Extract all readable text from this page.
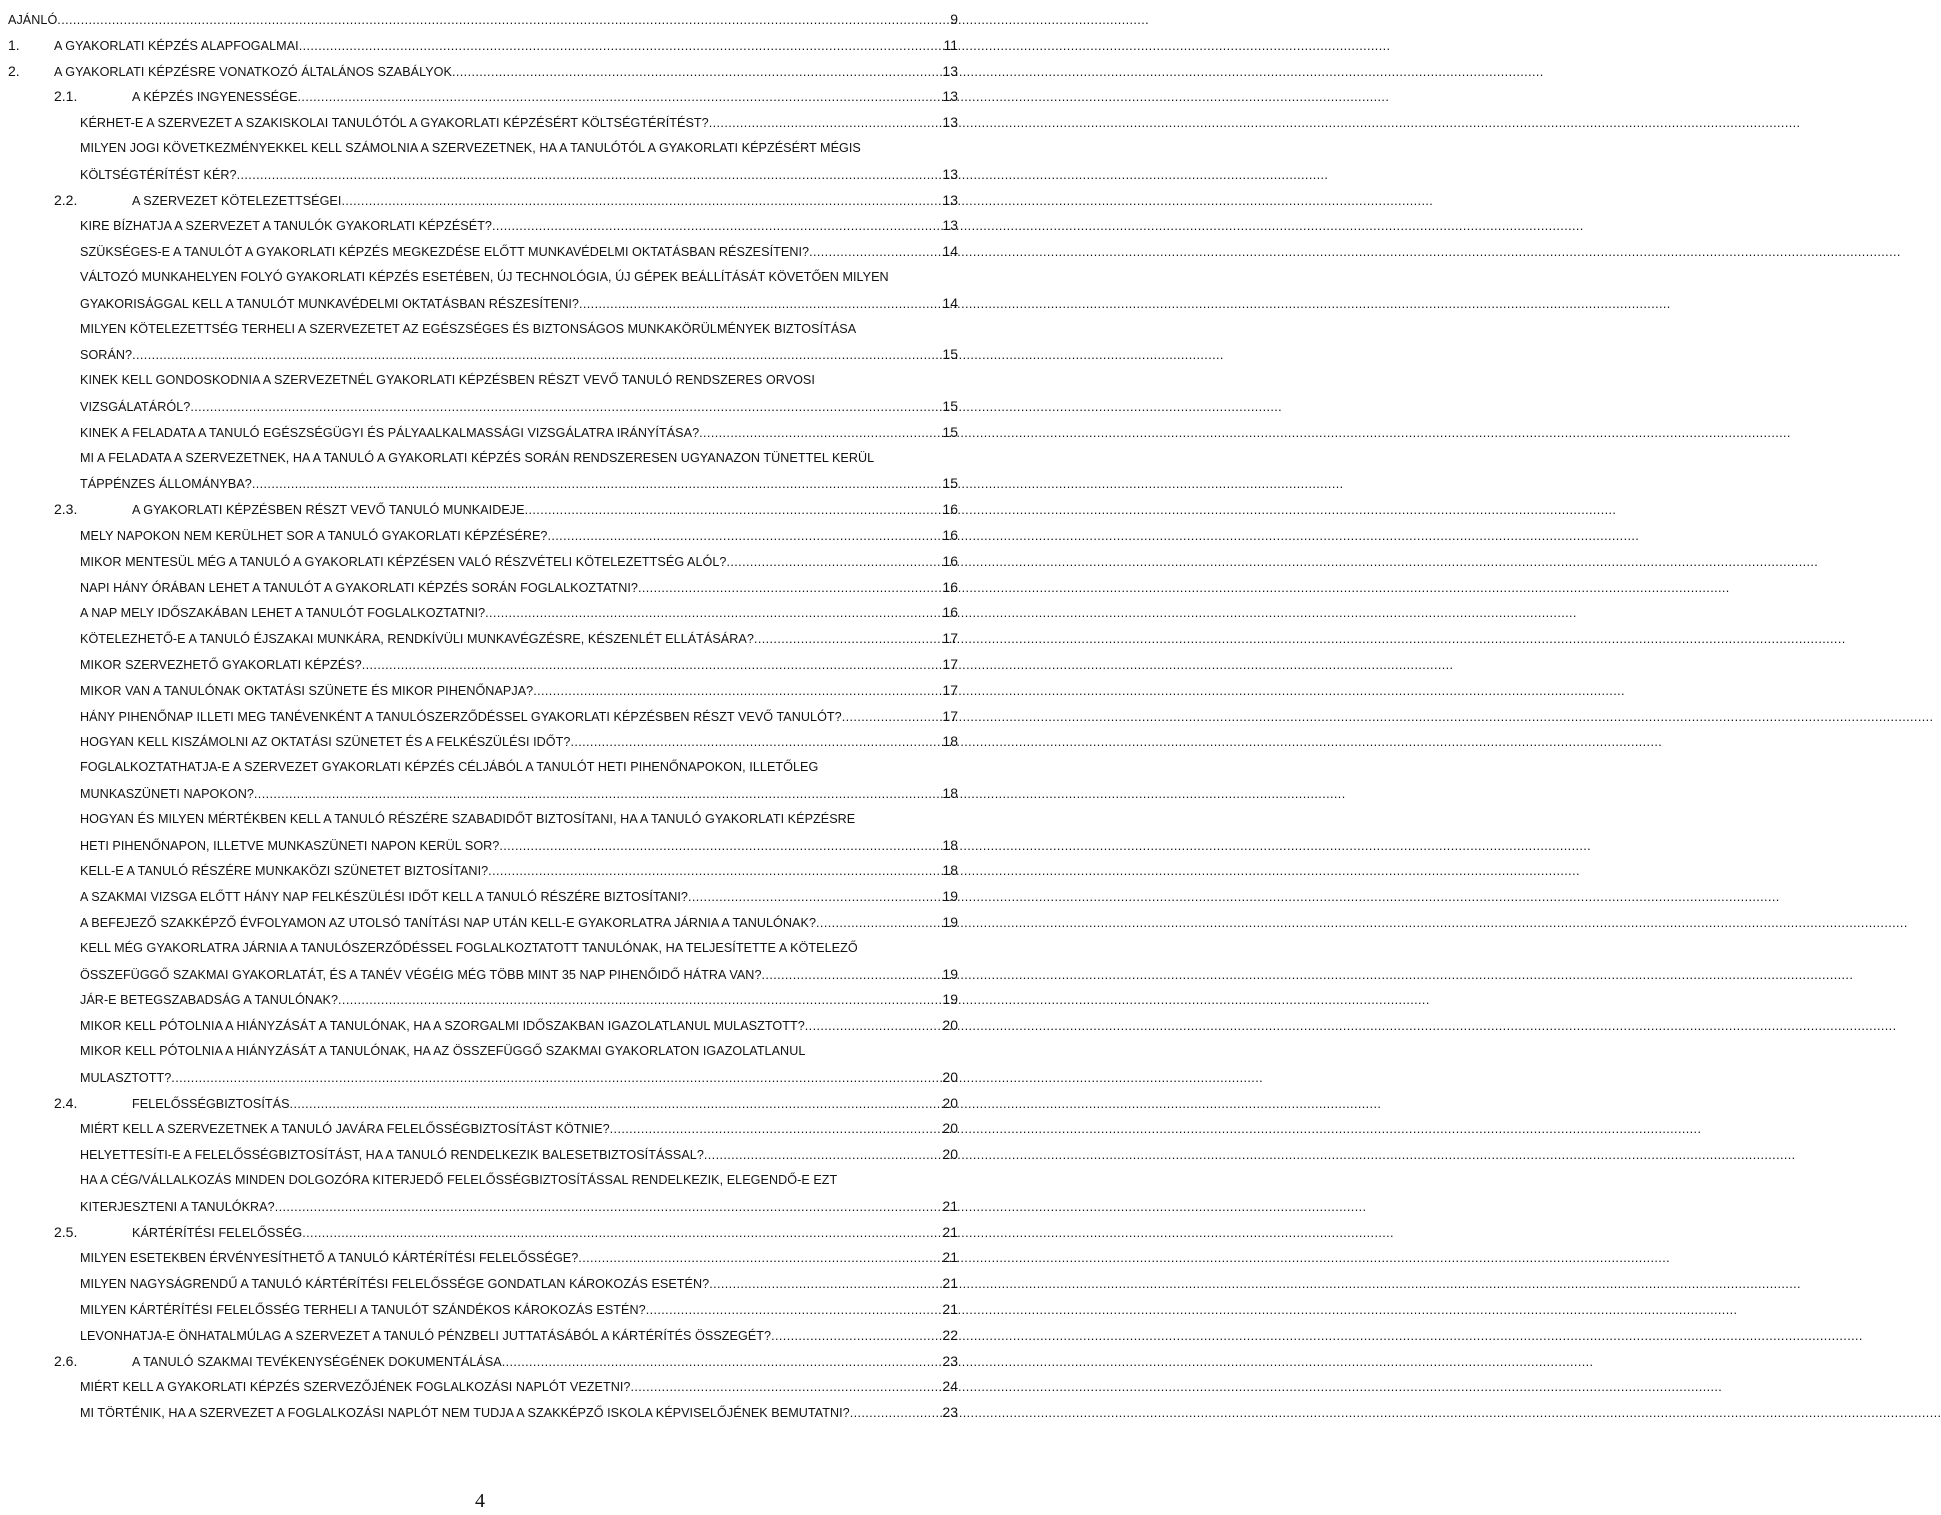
AJÁNLÓ .....	9
1.	A GYAKORLATI KÉPZÉS ALAPFOGALMAI .....	11
2.	A GYAKORLATI KÉPZÉSRE VONATKOZÓ ÁLTALÁNOS SZABÁLYOK .....	13
2.1.	A KÉPZÉS INGYENESSÉGE .....	13
KÉRHET-E A SZERVEZET A SZAKISKOLAI TANULÓTÓL A GYAKORLATI KÉPZÉSÉRT KÖLTSÉGTÉRÍTÉST? .....	13
MILYEN JOGI KÖVETKEZMÉNYEKKEL KELL SZÁMOLNIA A SZERVEZETNEK, HA A TANULÓTÓL A GYAKORLATI KÉPZÉSÉRT MÉGIS
KÖLTSÉGTÉRÍTÉST KÉR? .....	13
2.2.	A SZERVEZET KÖTELEZETTSÉGEI .....	13
KIRE BÍZHATJA A SZERVEZET A TANULÓK GYAKORLATI KÉPZÉSÉT? .....	13
SZÜKSÉGES-E A TANULÓT A GYAKORLATI KÉPZÉS MEGKEZDÉSE ELŐTT MUNKAVÉDELMI OKTATÁSBAN RÉSZESÍTENI? .....	14
VÁLTOZÓ MUNKAHELYEN FOLYÓ GYAKORLATI KÉPZÉS ESETÉBEN, ÚJ TECHNOLÓGIA, ÚJ GÉPEK BEÁLLÍTÁSÁT KÖVETŐEN MILYEN
GYAKORISÁGGAL KELL A TANULÓT MUNKAVÉDELMI OKTATÁSBAN RÉSZESÍTENI? .....	14
MILYEN KÖTELEZETTSÉG TERHELI A SZERVEZETET AZ EGÉSZSÉGES ÉS BIZTONSÁGOS MUNKAKÖRÜLMÉNYEK BIZTOSÍTÁSA
SORÁN? .....	15
KINEK KELL GONDOSKODNIA A SZERVEZETNÉL GYAKORLATI KÉPZÉSBEN RÉSZT VEVŐ TANULÓ RENDSZERES ORVOSI
VIZSGÁLATÁRÓL? .....	15
KINEK A FELADATA A TANULÓ EGÉSZSÉGÜGYI ÉS PÁLYAALKALMASSÁGI VIZSGÁLATRA IRÁNYÍTÁSA? .....	15
MI A FELADATA A SZERVEZETNEK, HA A TANULÓ A GYAKORLATI KÉPZÉS SORÁN RENDSZERESEN UGYANAZON TÜNETTEL KERÜL
TÁPPÉNZES ÁLLOMÁNYBA? .....	15
2.3.	A GYAKORLATI KÉPZÉSBEN RÉSZT VEVŐ TANULÓ MUNKAIDEJE .....	16
MELY NAPOKON NEM KERÜLHET SOR A TANULÓ GYAKORLATI KÉPZÉSÉRE? .....	16
MIKOR MENTESÜL MÉG A TANULÓ A GYAKORLATI KÉPZÉSEN VALÓ RÉSZVÉTELI KÖTELEZETTSÉG ALÓL? .....	16
NAPI HÁNY ÓRÁBAN LEHET A TANULÓT A GYAKORLATI KÉPZÉS SORÁN FOGLALKOZTATNI? .....	16
A NAP MELY IDŐSZAKÁBAN LEHET A TANULÓT FOGLALKOZTATNI? .....	16
KÖTELEZHETŐ-E A TANULÓ ÉJSZAKAI MUNKÁRA, RENDKÍVÜLI MUNKAVÉGZÉSRE, KÉSZENLÉT ELLÁTÁSÁRA? .....	17
MIKOR SZERVEZHETŐ GYAKORLATI KÉPZÉS? .....	17
MIKOR VAN A TANULÓNAK OKTATÁSI SZÜNETE ÉS MIKOR PIHENŐNAPJA? .....	17
HÁNY PIHENŐNAP ILLETI MEG TANÉVENKÉNT A TANULÓSZERZŐDÉSSEL GYAKORLATI KÉPZÉSBEN RÉSZT VEVŐ TANULÓT? .....	17
HOGYAN KELL KISZÁMOLNI AZ OKTATÁSI SZÜNETET ÉS A FELKÉSZÜLÉSI IDŐT? .....	18
FOGLALKOZTATHATJA-E A SZERVEZET GYAKORLATI KÉPZÉS CÉLJÁBÓL A TANULÓT HETI PIHENŐNAPOKON, ILLETŐLEG
MUNKASZÜNETI NAPOKON? .....	18
HOGYAN ÉS MILYEN MÉRTÉKBEN KELL A TANULÓ RÉSZÉRE SZABADIDŐT BIZTOSÍTANI, HA A TANULÓ GYAKORLATI KÉPZÉSRE
HETI PIHENŐNAPON, ILLETVE MUNKASZÜNETI NAPON KERÜL SOR? .....	18
KELL-E A TANULÓ RÉSZÉRE MUNKAKÖZI SZÜNETET BIZTOSÍTANI? .....	18
A SZAKMAI VIZSGA ELŐTT HÁNY NAP FELKÉSZÜLÉSI IDŐT KELL A TANULÓ RÉSZÉRE BIZTOSÍTANI? .....	19
A BEFEJEZŐ SZAKKÉPZŐ ÉVFOLYAMON AZ UTOLSÓ TANÍTÁSI NAP UTÁN KELL-E GYAKORLATRA JÁRNIA A TANULÓNAK? .....	19
KELL MÉG GYAKORLATRA JÁRNIA A TANULÓSZERZŐDÉSSEL FOGLALKOZTATOTT TANULÓNAK, HA TELJESÍTETTE A KÖTELEZŐ
ÖSSZEFÜGGŐ SZAKMAI GYAKORLATÁT, ÉS A TANÉV VÉGÉIG MÉG TÖBB MINT 35 NAP PIHENŐIDŐ HÁTRA VAN? .....	19
JÁR-E BETEGSZABADSÁG A TANULÓNAK? .....	19
MIKOR KELL PÓTOLNIA A HIÁNYZÁSÁT A TANULÓNAK, HA A SZORGALMI IDŐSZAKBAN IGAZOLATLANUL MULASZTOTT? .....	20
MIKOR KELL PÓTOLNIA A HIÁNYZÁSÁT A TANULÓNAK, HA AZ ÖSSZEFÜGGŐ SZAKMAI GYAKORLATON IGAZOLATLANUL
MULASZTOTT? .....	20
2.4.	FELELŐSSÉGBIZTOSÍTÁS .....	20
MIÉRT KELL A SZERVEZETNEK A TANULÓ JAVÁRA FELELŐSSÉGBIZTOSÍTÁST KÖTNIE? .....	20
HELYETTESÍTI-E A FELELŐSSÉGBIZTOSÍTÁST, HA A TANULÓ RENDELKEZIK BALESETBIZTOSÍTÁSSAL? .....	20
HA A CÉG/VÁLLALKOZÁS MINDEN DOLGOZÓRA KITERJEDŐ FELELŐSSÉGBIZTOSÍTÁSSAL RENDELKEZIK, ELEGENDŐ-E EZT
KITERJESZTENI A TANULÓKRA? .....	21
2.5.	KÁRTÉRÍTÉSI FELELŐSSÉG .....	21
MILYEN ESETEKBEN ÉRVÉNYESÍTHETŐ A TANULÓ KÁRTÉRÍTÉSI FELELŐSSÉGE? .....	21
MILYEN NAGYSÁGRENDŰ A TANULÓ KÁRTÉRÍTÉSI FELELŐSSÉGE GONDATLAN KÁROKOZÁS ESETÉN? .....	21
MILYEN KÁRTÉRÍTÉSI FELELŐSSÉG TERHELI A TANULÓT SZÁNDÉKOS KÁROKOZÁS ESTÉN? .....	21
LEVONHATJA-E ÖNHATALMÚLAG A SZERVEZET A TANULÓ PÉNZBELI JUTTATÁSÁBÓL A KÁRTÉRÍTÉS ÖSSZEGÉT? .....	22
2.6.	A TANULÓ SZAKMAI TEVÉKENYSÉGÉNEK DOKUMENTÁLÁSA .....	23
MIÉRT KELL A GYAKORLATI KÉPZÉS SZERVEZŐJÉNEK FOGLALKOZÁSI NAPLÓT VEZETNI? .....	24
MI TÖRTÉNIK, HA A SZERVEZET A FOGLALKOZÁSI NAPLÓT NEM TUDJA A SZAKKÉPZŐ ISKOLA KÉPVISELŐJÉNEK BEMUTATNI? .....	23
4
